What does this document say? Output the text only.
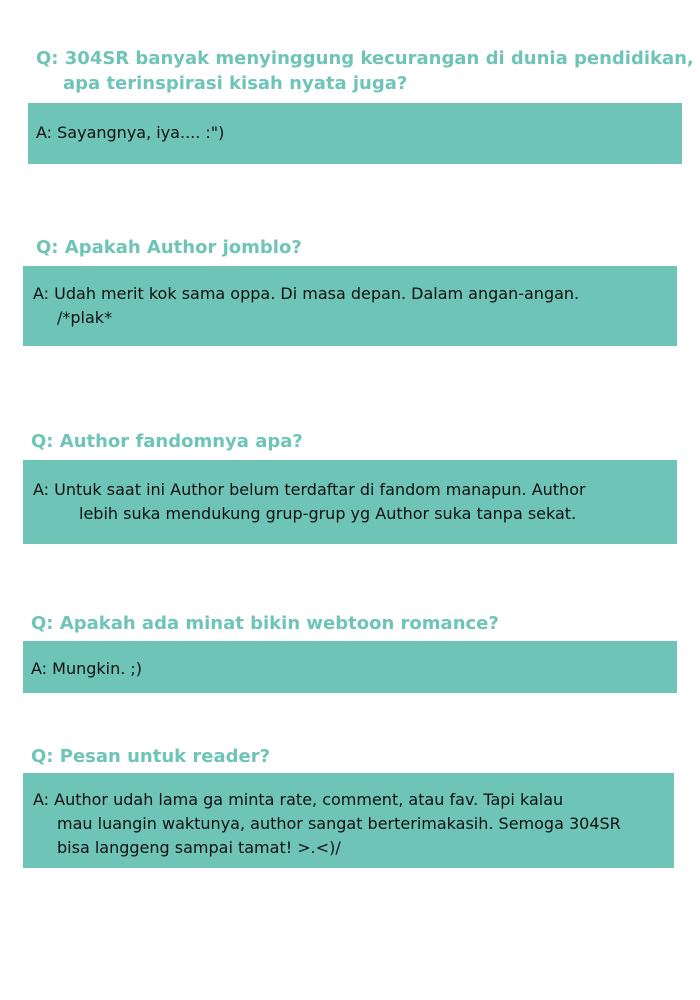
Q: 304SR banyak menyinggung kecurangan di dunia pendidikan,
apa terinspirasi kisah nyata juga?

A: Sayangnya, iya.... :")

Q: Apakah Author jomblo?

A: Udah merit kok sama oppa. Di masa depan. Dalam angan-angan.
/*plak*

Q: Author fandomnya apa?

A: Untuk saat ini Author belum terdaftar di fandom manapun. Author
lebih suka mendukung grup-grup yg Author suka tanpa sekat.

Q: Apakah ada minat bikin webtoon romance?

A: Mungkin. ;)

Q: Pesan untuk reader?

A: Author udah lama ga minta rate, comment, atau fav. Tapi kalau
mau luangin waktunya, author sangat berterimakasih. Semoga 304SR
bisa langgeng sampai tamat! >.<)/
